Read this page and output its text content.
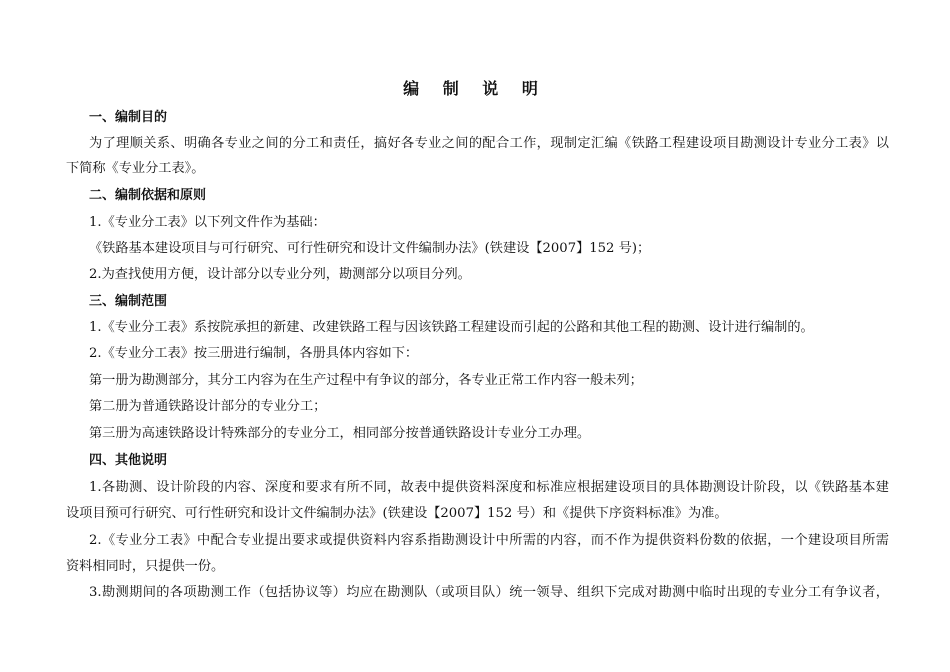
编 制 说 明
一、编制目的
为了理顺关系、明确各专业之间的分工和责任，搞好各专业之间的配合工作，现制定汇编《铁路工程建设项目勘测设计专业分工表》以
下简称《专业分工表》。
二、编制依据和原则
1.《专业分工表》以下列文件作为基础：
《铁路基本建设项目与可行研究、可行性研究和设计文件编制办法》(铁建设【2007】152 号)；
2.为查找使用方便，设计部分以专业分列，勘测部分以项目分列。
三、编制范围
1.《专业分工表》系按院承担的新建、改建铁路工程与因该铁路工程建设而引起的公路和其他工程的勘测、设计进行编制的。
2.《专业分工表》按三册进行编制，各册具体内容如下：
第一册为勘测部分，其分工内容为在生产过程中有争议的部分，各专业正常工作内容一般未列；
第二册为普通铁路设计部分的专业分工；
第三册为高速铁路设计特殊部分的专业分工，相同部分按普通铁路设计专业分工办理。
四、其他说明
1.各勘测、设计阶段的内容、深度和要求有所不同，故表中提供资料深度和标准应根据建设项目的具体勘测设计阶段，以《铁路基本建
设项目预可行研究、可行性研究和设计文件编制办法》(铁建设【2007】152 号）和《提供下序资料标准》为准。
2.《专业分工表》中配合专业提出要求或提供资料内容系指勘测设计中所需的内容，而不作为提供资料份数的依据，一个建设项目所需
资料相同时，只提供一份。
3.勘测期间的各项勘测工作（包括协议等）均应在勘测队（或项目队）统一领导、组织下完成对勘测中临时出现的专业分工有争议者，
